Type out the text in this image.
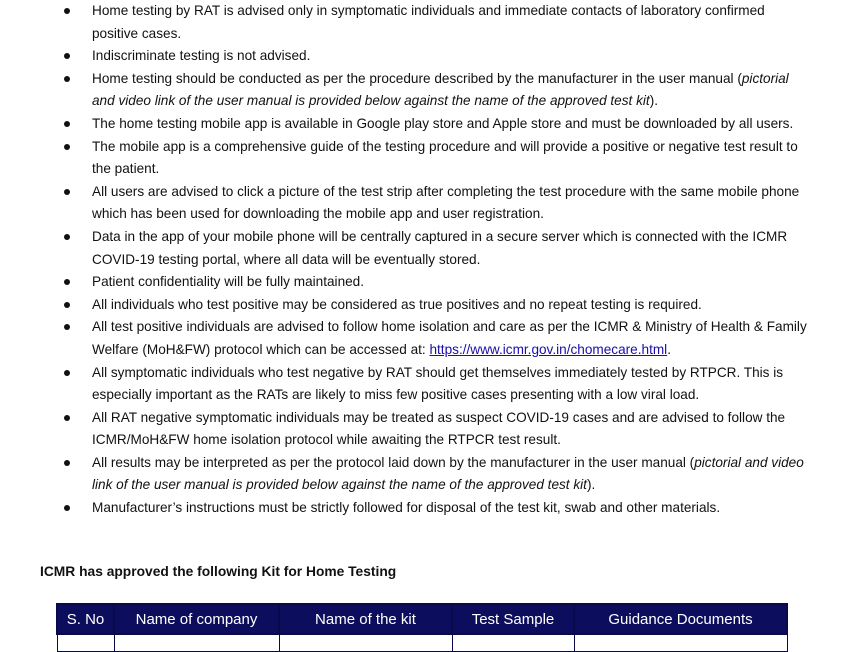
Home testing by RAT is advised only in symptomatic individuals and immediate contacts of laboratory confirmed positive cases.
Indiscriminate testing is not advised.
Home testing should be conducted as per the procedure described by the manufacturer in the user manual (pictorial and video link of the user manual is provided below against the name of the approved test kit).
The home testing mobile app is available in Google play store and Apple store and must be downloaded by all users.
The mobile app is a comprehensive guide of the testing procedure and will provide a positive or negative test result to the patient.
All users are advised to click a picture of the test strip after completing the test procedure with the same mobile phone which has been used for downloading the mobile app and user registration.
Data in the app of your mobile phone will be centrally captured in a secure server which is connected with the ICMR COVID-19 testing portal, where all data will be eventually stored.
Patient confidentiality will be fully maintained.
All individuals who test positive may be considered as true positives and no repeat testing is required.
All test positive individuals are advised to follow home isolation and care as per the ICMR & Ministry of Health & Family Welfare (MoH&FW) protocol which can be accessed at: https://www.icmr.gov.in/chomecare.html.
All symptomatic individuals who test negative by RAT should get themselves immediately tested by RTPCR. This is especially important as the RATs are likely to miss few positive cases presenting with a low viral load.
All RAT negative symptomatic individuals may be treated as suspect COVID-19 cases and are advised to follow the ICMR/MoH&FW home isolation protocol while awaiting the RTPCR test result.
All results may be interpreted as per the protocol laid down by the manufacturer in the user manual (pictorial and video link of the user manual is provided below against the name of the approved test kit).
Manufacturer’s instructions must be strictly followed for disposal of the test kit, swab and other materials.
ICMR has approved the following Kit for Home Testing
S. No	Name of company	Name of the kit	Test Sample	Guidance Documents
